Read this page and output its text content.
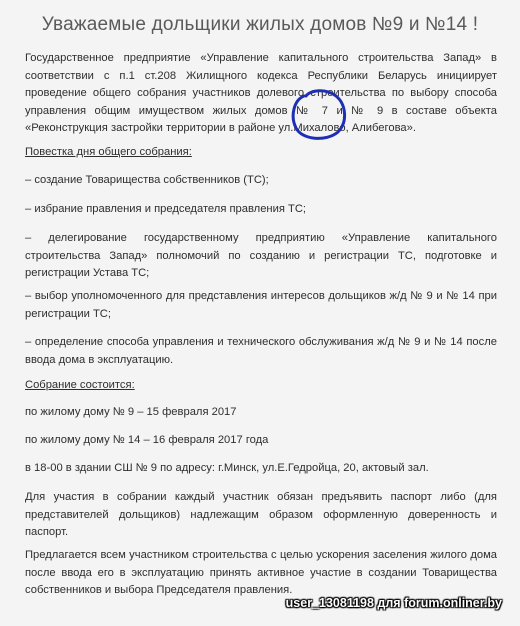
Уважаемые дольщики жилых домов №9 и №14 !

Государственное предприятие «Управление капитального строительства Запад» в соответствии с п.1 ст.208 Жилищного кодекса Республики Беларусь инициирует проведение общего собрания участников долевого строительства по выбору способа управления общим имуществом жилых домов № 7 и № 9 в составе объекта «Реконструкция застройки территории в районе ул.Михалово, Алибегова».

Повестка дня общего собрания:

– создание Товарищества собственников (ТС);

– избрание правления и председателя правления ТС;

– делегирование государственному предприятию «Управление капитального строительства Запад» полномочий по созданию и регистрации ТС, подготовке и регистрации Устава ТС;

– выбор уполномоченного для представления интересов дольщиков ж/д № 9 и № 14 при регистрации ТС;

– определение способа управления и технического обслуживания ж/д № 9 и № 14 после ввода дома в эксплуатацию.

Собрание состоится:

по жилому дому № 9 – 15 февраля 2017

по жилому дому № 14 – 16 февраля 2017 года

в 18-00 в здании СШ № 9 по адресу: г.Минск, ул.Е.Гедройца, 20, актовый зал.

Для участия в собрании каждый участник обязан предъявить паспорт либо (для представителей дольщиков) надлежащим образом оформленную доверенность и паспорт.

Предлагается всем участником строительства с целью ускорения заселения жилого дома после ввода его в эксплуатацию принять активное участие в создании Товарищества собственников и выбора Председателя правления.

user_13081198 для forum.onliner.by
